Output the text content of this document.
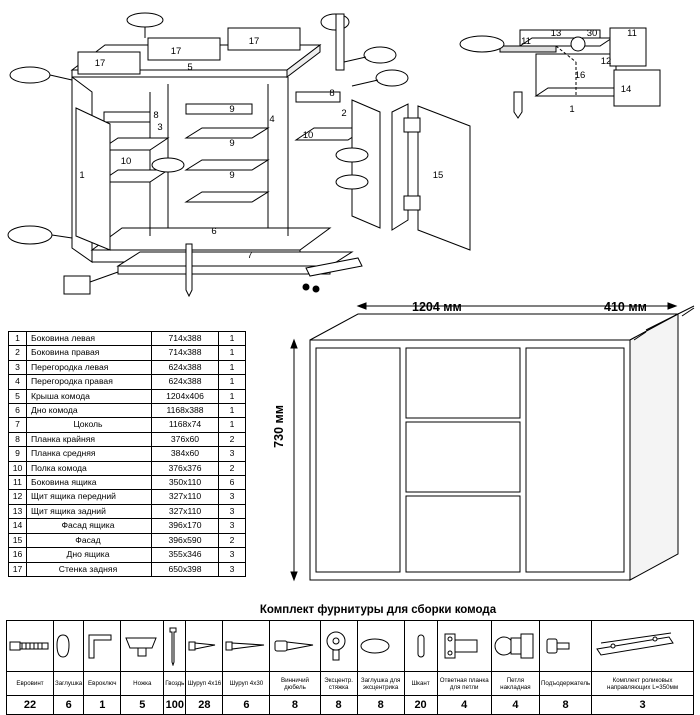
1
2
3
4
5
6
7
8
8
9
9
9
10
10
15
17
17
17	11
11
13	30
16
12
14
1
1204 мм	410 мм
730 мм
1	Боковина левая	714x388	1
2	Боковина правая	714x388	1
3	Перегородка левая	624x388	1
4	Перегородка правая	624x388	1
5	Крыша комода	1204x406	1
6	Дно комода	1168x388	1
7	Цоколь	1168x74	1
8	Планка крайняя	376x60	2
9	Планка средняя	384x60	3
10	Полка комода	376x376	2
11	Боковина ящика	350x110	6
12	Щит ящика передний	327x110	3
13	Щит ящика задний	327x110	3
14	Фасад ящика	396x170	3
15	Фасад	396x590	2
16	Дно ящика	355x346	3
17	Стенка задняя	650x398	3
Комплект фурнитуры для сборки комода

Евровинт	Заглушка	Евроключ	Ножка	Гвоздь	Шуруп 4x16	Шуруп 4x30	Винничий дюбель	Эксцентр. стяжка	Заглушка для эксцентрика	Шкант	Ответная планка для петли	Петля накладная	Подъодержатель	Комплект роликовых направляющих L=350мм
22	6	1	5	100	28	6	8	8	8	20	4	4	8	3
